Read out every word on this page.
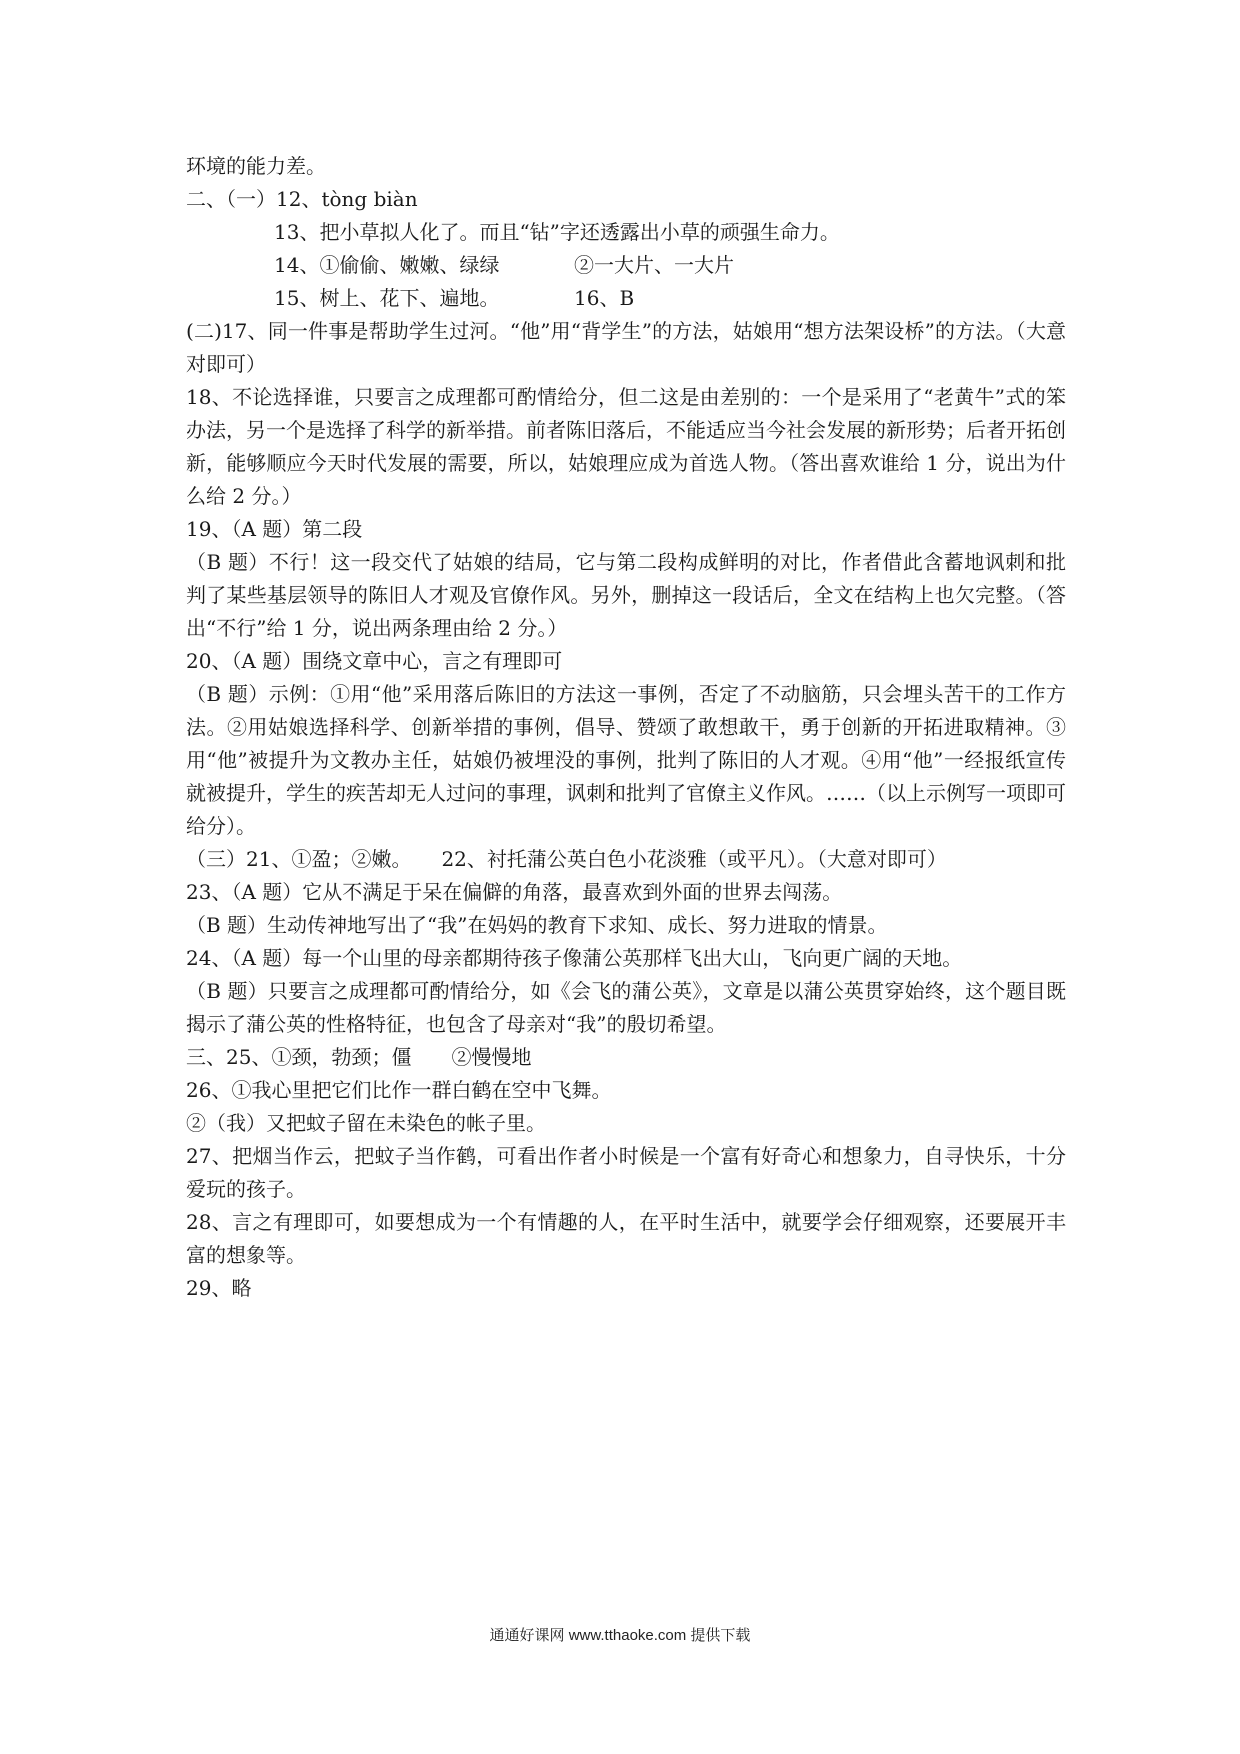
环境的能力差。

二、（一）12、tòng biàn

13、把小草拟人化了。而且“钻”字还透露出小草的顽强生命力。

14、①偷偷、嫩嫩、绿绿	②一大片、一大片
15、树上、花下、遍地。	16、B

(二)17、同一件事是帮助学生过河。“他”用“背学生”的方法，姑娘用“想方法架设桥”的方法。（大意对即可）

18、不论选择谁，只要言之成理都可酌情给分，但二这是由差别的：一个是采用了“老黄牛”式的笨办法，另一个是选择了科学的新举措。前者陈旧落后，不能适应当今社会发展的新形势；后者开拓创新，能够顺应今天时代发展的需要，所以，姑娘理应成为首选人物。（答出喜欢谁给 1 分，说出为什么给 2 分。）

19、（A 题）第二段

（B 题）不行！这一段交代了姑娘的结局，它与第二段构成鲜明的对比，作者借此含蓄地讽刺和批判了某些基层领导的陈旧人才观及官僚作风。另外，删掉这一段话后，全文在结构上也欠完整。（答出“不行”给 1 分，说出两条理由给 2 分。）

20、（A 题）围绕文章中心，言之有理即可

（B 题）示例：①用“他”采用落后陈旧的方法这一事例，否定了不动脑筋，只会埋头苦干的工作方法。②用姑娘选择科学、创新举措的事例，倡导、赞颂了敢想敢干，勇于创新的开拓进取精神。③用“他”被提升为文教办主任，姑娘仍被埋没的事例，批判了陈旧的人才观。④用“他”一经报纸宣传就被提升，学生的疾苦却无人过问的事理，讽刺和批判了官僚主义作风。……（以上示例写一项即可给分）。

（三）21、①盈；②嫩。　　22、衬托蒲公英白色小花淡雅（或平凡）。（大意对即可）

23、（A 题）它从不满足于呆在偏僻的角落，最喜欢到外面的世界去闯荡。

（B 题）生动传神地写出了“我”在妈妈的教育下求知、成长、努力进取的情景。

24、（A 题）每一个山里的母亲都期待孩子像蒲公英那样飞出大山，飞向更广阔的天地。

（B 题）只要言之成理都可酌情给分，如《会飞的蒲公英》，文章是以蒲公英贯穿始终，这个题目既揭示了蒲公英的性格特征，也包含了母亲对“我”的殷切希望。

三、25、①颈，勃颈；僵　　②慢慢地

26、①我心里把它们比作一群白鹤在空中飞舞。

②（我）又把蚊子留在未染色的帐子里。

27、把烟当作云，把蚊子当作鹤，可看出作者小时候是一个富有好奇心和想象力，自寻快乐，十分爱玩的孩子。

28、言之有理即可，如要想成为一个有情趣的人，在平时生活中，就要学会仔细观察，还要展开丰富的想象等。

29、略

通通好课网 www.tthaoke.com 提供下载
